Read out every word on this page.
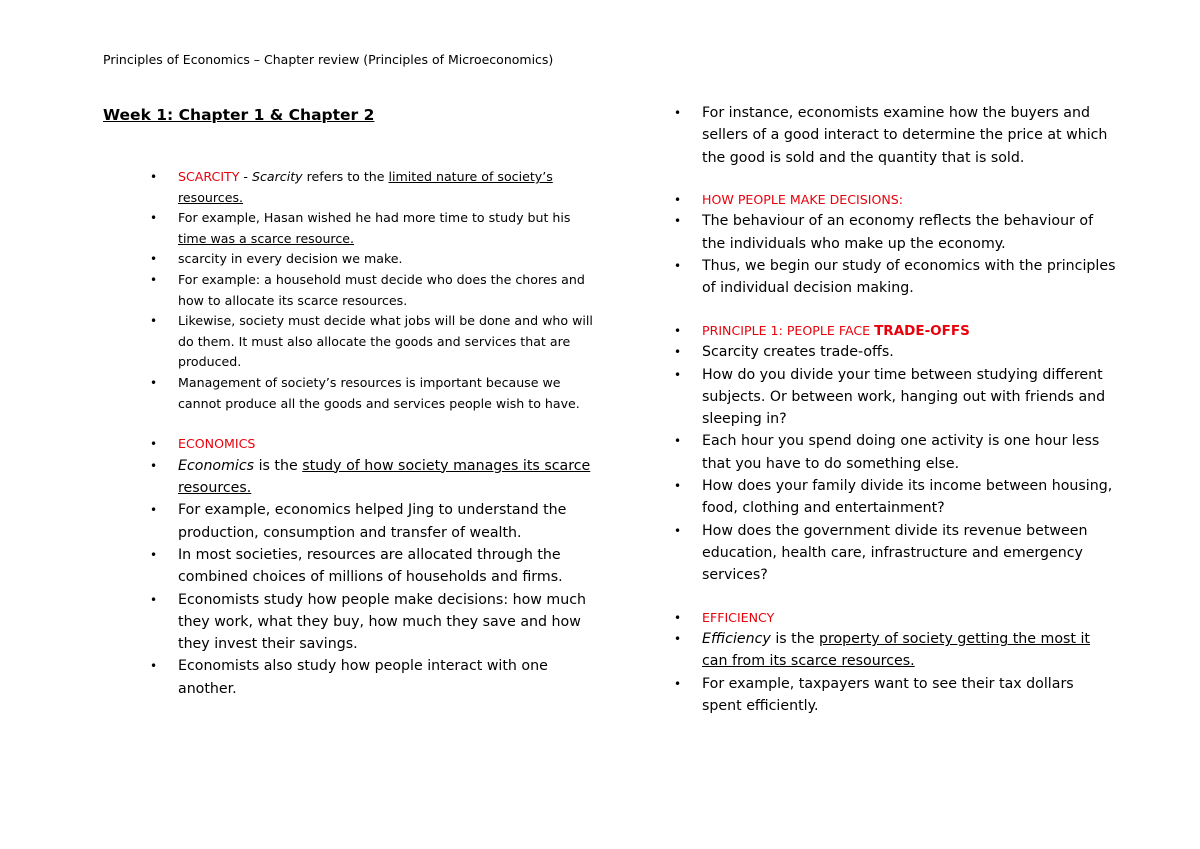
Principles of Economics – Chapter review (Principles of Microeconomics)
Week 1: Chapter 1 & Chapter 2
• SCARCITY - Scarcity refers to the limited nature of society’s resources.
• For example, Hasan wished he had more time to study but his time was a scarce resource.
• scarcity in every decision we make.
• For example: a household must decide who does the chores and how to allocate its scarce resources.
• Likewise, society must decide what jobs will be done and who will do them. It must also allocate the goods and services that are produced.
• Management of society’s resources is important because we cannot produce all the goods and services people wish to have.
• ECONOMICS
• Economics is the study of how society manages its scarce resources.
• For example, economics helped Jing to understand the production, consumption and transfer of wealth.
• In most societies, resources are allocated through the combined choices of millions of households and firms.
• Economists study how people make decisions: how much they work, what they buy, how much they save and how they invest their savings.
• Economists also study how people interact with one another.
• For instance, economists examine how the buyers and sellers of a good interact to determine the price at which the good is sold and the quantity that is sold.
• HOW PEOPLE MAKE DECISIONS:
• The behaviour of an economy reflects the behaviour of the individuals who make up the economy.
• Thus, we begin our study of economics with the principles of individual decision making.
• PRINCIPLE 1: PEOPLE FACE TRADE-OFFS
• Scarcity creates trade-offs.
• How do you divide your time between studying different subjects. Or between work, hanging out with friends and sleeping in?
• Each hour you spend doing one activity is one hour less that you have to do something else.
• How does your family divide its income between housing, food, clothing and entertainment?
• How does the government divide its revenue between education, health care, infrastructure and emergency services?
• EFFICIENCY
• Efficiency is the property of society getting the most it can from its scarce resources.
• For example, taxpayers want to see their tax dollars spent efficiently.
